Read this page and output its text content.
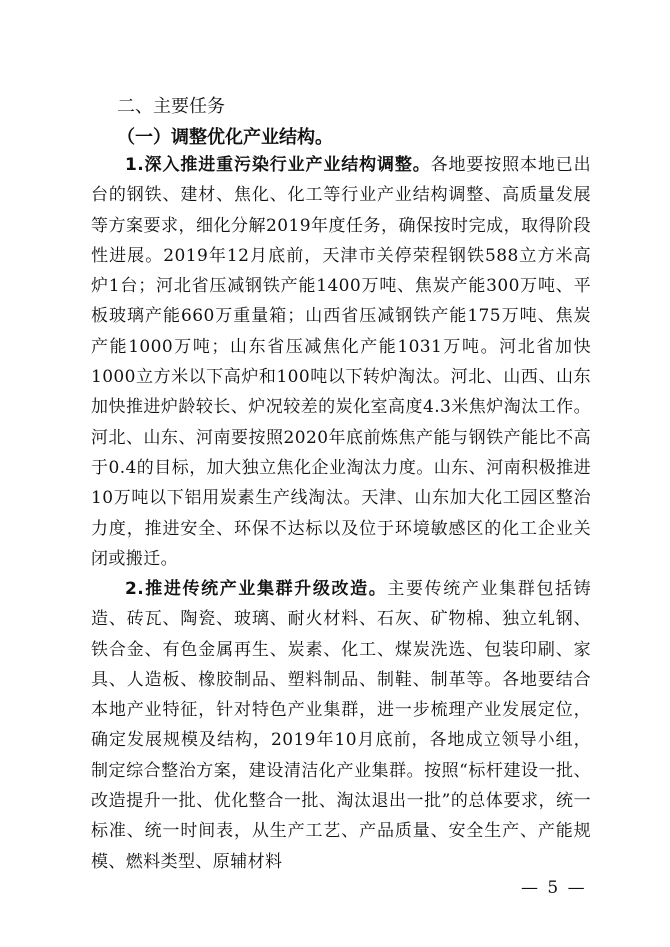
二、主要任务
（一）调整优化产业结构。

1.深入推进重污染行业产业结构调整。各地要按照本地已出台的钢铁、建材、焦化、化工等行业产业结构调整、高质量发展等方案要求，细化分解2019年度任务，确保按时完成，取得阶段性进展。2019年12月底前，天津市关停荣程钢铁588立方米高炉1台；河北省压减钢铁产能1400万吨、焦炭产能300万吨、平板玻璃产能660万重量箱；山西省压减钢铁产能175万吨、焦炭产能1000万吨；山东省压减焦化产能1031万吨。河北省加快1000立方米以下高炉和100吨以下转炉淘汰。河北、山西、山东加快推进炉龄较长、炉况较差的炭化室高度4.3米焦炉淘汰工作。河北、山东、河南要按照2020年底前炼焦产能与钢铁产能比不高于0.4的目标，加大独立焦化企业淘汰力度。山东、河南积极推进10万吨以下铝用炭素生产线淘汰。天津、山东加大化工园区整治力度，推进安全、环保不达标以及位于环境敏感区的化工企业关闭或搬迁。

2.推进传统产业集群升级改造。主要传统产业集群包括铸造、砖瓦、陶瓷、玻璃、耐火材料、石灰、矿物棉、独立轧钢、铁合金、有色金属再生、炭素、化工、煤炭洗选、包装印刷、家具、人造板、橡胶制品、塑料制品、制鞋、制革等。各地要结合本地产业特征，针对特色产业集群，进一步梳理产业发展定位，确定发展规模及结构，2019年10月底前，各地成立领导小组，制定综合整治方案，建设清洁化产业集群。按照“标杆建设一批、改造提升一批、优化整合一批、淘汰退出一批”的总体要求，统一标准、统一时间表，从生产工艺、产品质量、安全生产、产能规模、燃料类型、原辅材料

— 5 —
